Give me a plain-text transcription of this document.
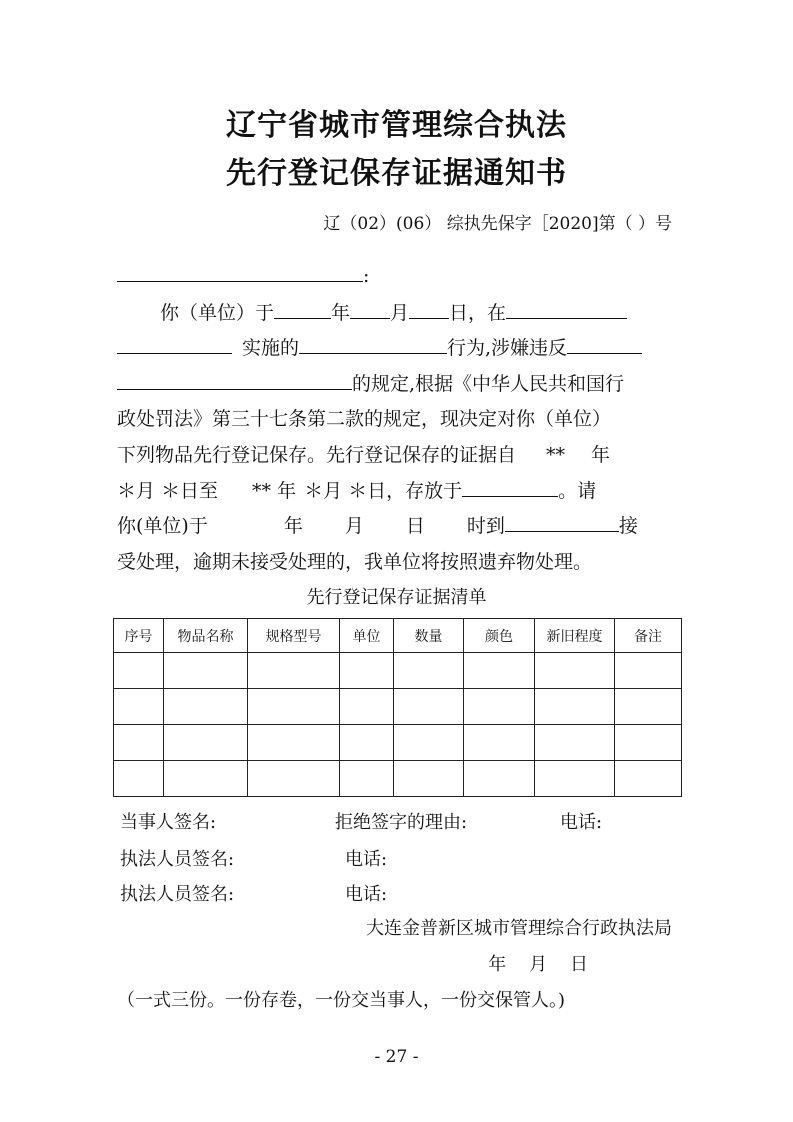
辽宁省城市管理综合执法
先行登记保存证据通知书
辽（02）(06） 综执先保字［2020]第（ ）号
:
你（单位）于	年 月 日，在
实施的	行为,涉嫌违反
的规定,根据《中华人民共和国行
政处罚法》第三十七条第二款的规定，现决定对你（单位）
下列物品先行登记保存。先行登记保存的证据自 ** 年
＊月 ＊日至 ** 年 ＊月 ＊日，存放于	。请
你(单位)于	年 月 日 时到	接
受处理，逾期未接受处理的，我单位将按照遗弃物处理。
先行登记保存证据清单
序号	物品名称	规格型号	单位	数量	颜色	新旧程度	备注

当事人签名:	拒绝签字的理由:	电话:
执法人员签名:	电话:
执法人员签名:	电话:
大连金普新区城市管理综合行政执法局
年    月    日
（一式三份。一份存卷，一份交当事人，一份交保管人。)
- 27 -
